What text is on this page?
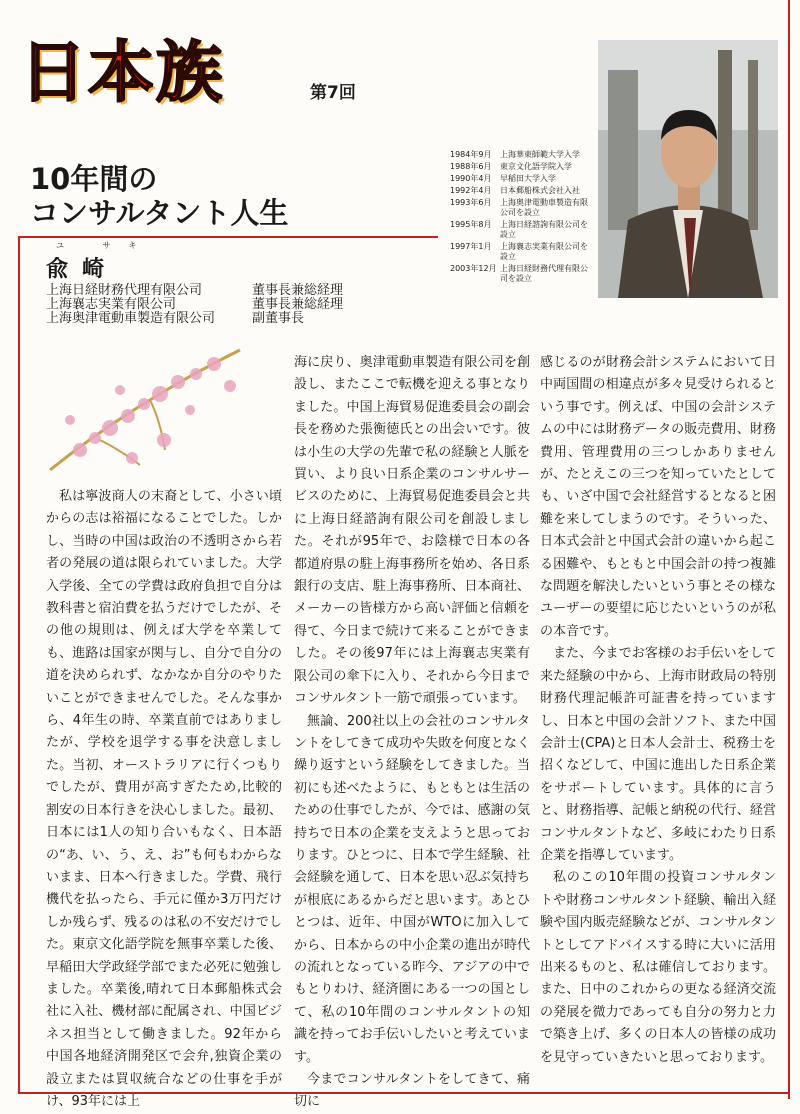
日本族	第7回
10年間の
コンサルタント人生
1984年9月	上海華東師範大学入学
1988年6月	東京文化語学院入学
1990年4月	早稲田大学入学
1992年4月	日本郵船株式会社入社
1993年6月	上海奥津電動車製造有限公司を設立
1995年8月	上海日経諮詢有限公司を設立
1997年1月	上海襄志実業有限公司を設立
2003年12月 上海日経財務代理有限公司を設立
ユ サキ
兪崎
上海日経財務代理有限公司	董事長兼総経理
上海襄志実業有限公司	董事長兼総経理
上海奥津電動車製造有限公司	副董事長

私は寧波商人の末裔として、小さい頃からの志は裕福になることでした。しかし、当時の中国は政治の不透明さから若者の発展の道は限られていました。大学入学後、全ての学費は政府負担で自分は教科書と宿泊費を払うだけでしたが、その他の規則は、例えば大学を卒業しても、進路は国家が関与し、自分で自分の道を決められず、なかなか自分のやりたいことができませんでした。そんな事から、4年生の時、卒業直前ではありましたが、学校を退学する事を決意しました。当初、オーストラリアに行くつもりでしたが、費用が高すぎたため,比較的割安の日本行きを決心しました。最初、日本には1人の知り合いもなく、日本語の“あ、い、う、え、お”も何もわからないまま、日本へ行きました。学費、飛行機代を払ったら、手元に僅か3万円だけしか残らず、残るのは私の不安だけでした。東京文化語学院を無事卒業した後、早稲田大学政経学部でまた必死に勉強しました。卒業後,晴れて日本郵船株式会社に入社、機材部に配属され、中国ビジネス担当として働きました。92年から中国各地経済開発区で会弁,独資企業の設立または買収統合などの仕事を手がけ、93年には上

海に戻り、奥津電動車製造有限公司を創設し、またここで転機を迎える事となりました。中国上海貿易促進委員会の副会長を務めた張衡徳氏との出会いです。彼は小生の大学の先輩で私の経験と人脈を買い、より良い日系企業のコンサルサービスのために、上海貿易促進委員会と共に上海日経諮詢有限公司を創設しました。それが95年で、お陰様で日本の各都道府県の駐上海事務所を始め、各日系銀行の支店、駐上海事務所、日本商社、メーカーの皆様方から高い評価と信頼を得て、今日まで続けて来ることができました。その後97年には上海襄志実業有限公司の傘下に入り、それから今日までコンサルタント一筋で頑張っています。

無論、200社以上の会社のコンサルタントをしてきて成功や失敗を何度となく繰り返すという経験をしてきました。当初にも述べたように、もともとは生活のための仕事でしたが、今では、感謝の気持ちで日本の企業を支えようと思っております。ひとつに、日本で学生経験、社会経験を通して、日本を思い忍ぶ気持ちが根底にあるからだと思います。あとひとつは、近年、中国がWTOに加入してから、日本からの中小企業の進出が時代の流れとなっている昨今、アジアの中でもとりわけ、経済圏にある一つの国として、私の10年間のコンサルタントの知識を持ってお手伝いしたいと考えています。

今までコンサルタントをしてきて、痛切に

感じるのが財務会計システムにおいて日中両国間の相違点が多々見受けられるという事です。例えば、中国の会計システムの中には財務データの販売費用、財務費用、管理費用の三つしかありませんが、たとえこの三つを知っていたとしても、いざ中国で会社経営するとなると困難を来してしまうのです。そういった、日本式会計と中国式会計の違いから起こる困難や、もともと中国会計の持つ複雑な問題を解決したいという事とその様なユーザーの要望に応じたいというのが私の本音です。

また、今までお客様のお手伝いをして来た経験の中から、上海市財政局の特別財務代理記帳許可証書を持っていますし、日本と中国の会計ソフト、また中国会計士(CPA)と日本人会計士、税務士を招くなどして、中国に進出した日系企業をサポートしています。具体的に言うと、財務指導、記帳と納税の代行、経営コンサルタントなど、多岐にわたり日系企業を指導しています。

私のこの10年間の投資コンサルタントや財務コンサルタント経験、輸出入経験や国内販売経験などが、コンサルタントとしてアドバイスする時に大いに活用出来るものと、私は確信しております。また、日中のこれからの更なる経済交流の発展を微力であっても自分の努力と力で築き上げ、多くの日本人の皆様の成功を見守っていきたいと思っております。
